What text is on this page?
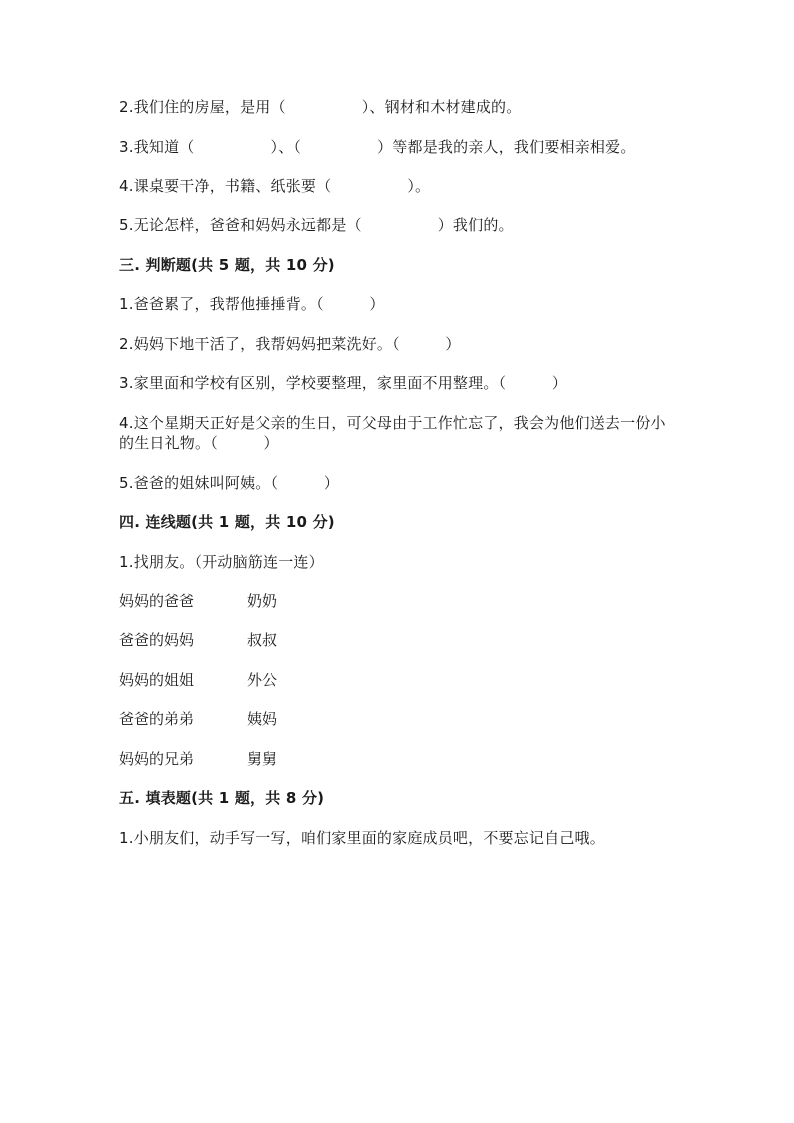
2.我们住的房屋，是用（　　　　　）、钢材和木材建成的。
3.我知道（　　　　　）、（　　　　　）等都是我的亲人，我们要相亲相爱。
4.课桌要干净，书籍、纸张要（　　　　　）。
5.无论怎样，爸爸和妈妈永远都是（　　　　　）我们的。
三. 判断题(共 5 题，共 10 分)
1.爸爸累了，我帮他捶捶背。（　　　）
2.妈妈下地干活了，我帮妈妈把菜洗好。（　　　）
3.家里面和学校有区别，学校要整理，家里面不用整理。（　　　）
4.这个星期天正好是父亲的生日，可父母由于工作忙忘了，我会为他们送去一份小的生日礼物。（　　　）
5.爸爸的姐妹叫阿姨。（　　　）
四. 连线题(共 1 题，共 10 分)
1.找朋友。（开动脑筋连一连）
妈妈的爸爸	奶奶
爸爸的妈妈	叔叔
妈妈的姐姐	外公
爸爸的弟弟	姨妈
妈妈的兄弟	舅舅
五. 填表题(共 1 题，共 8 分)
1.小朋友们，动手写一写，咱们家里面的家庭成员吧，不要忘记自己哦。
